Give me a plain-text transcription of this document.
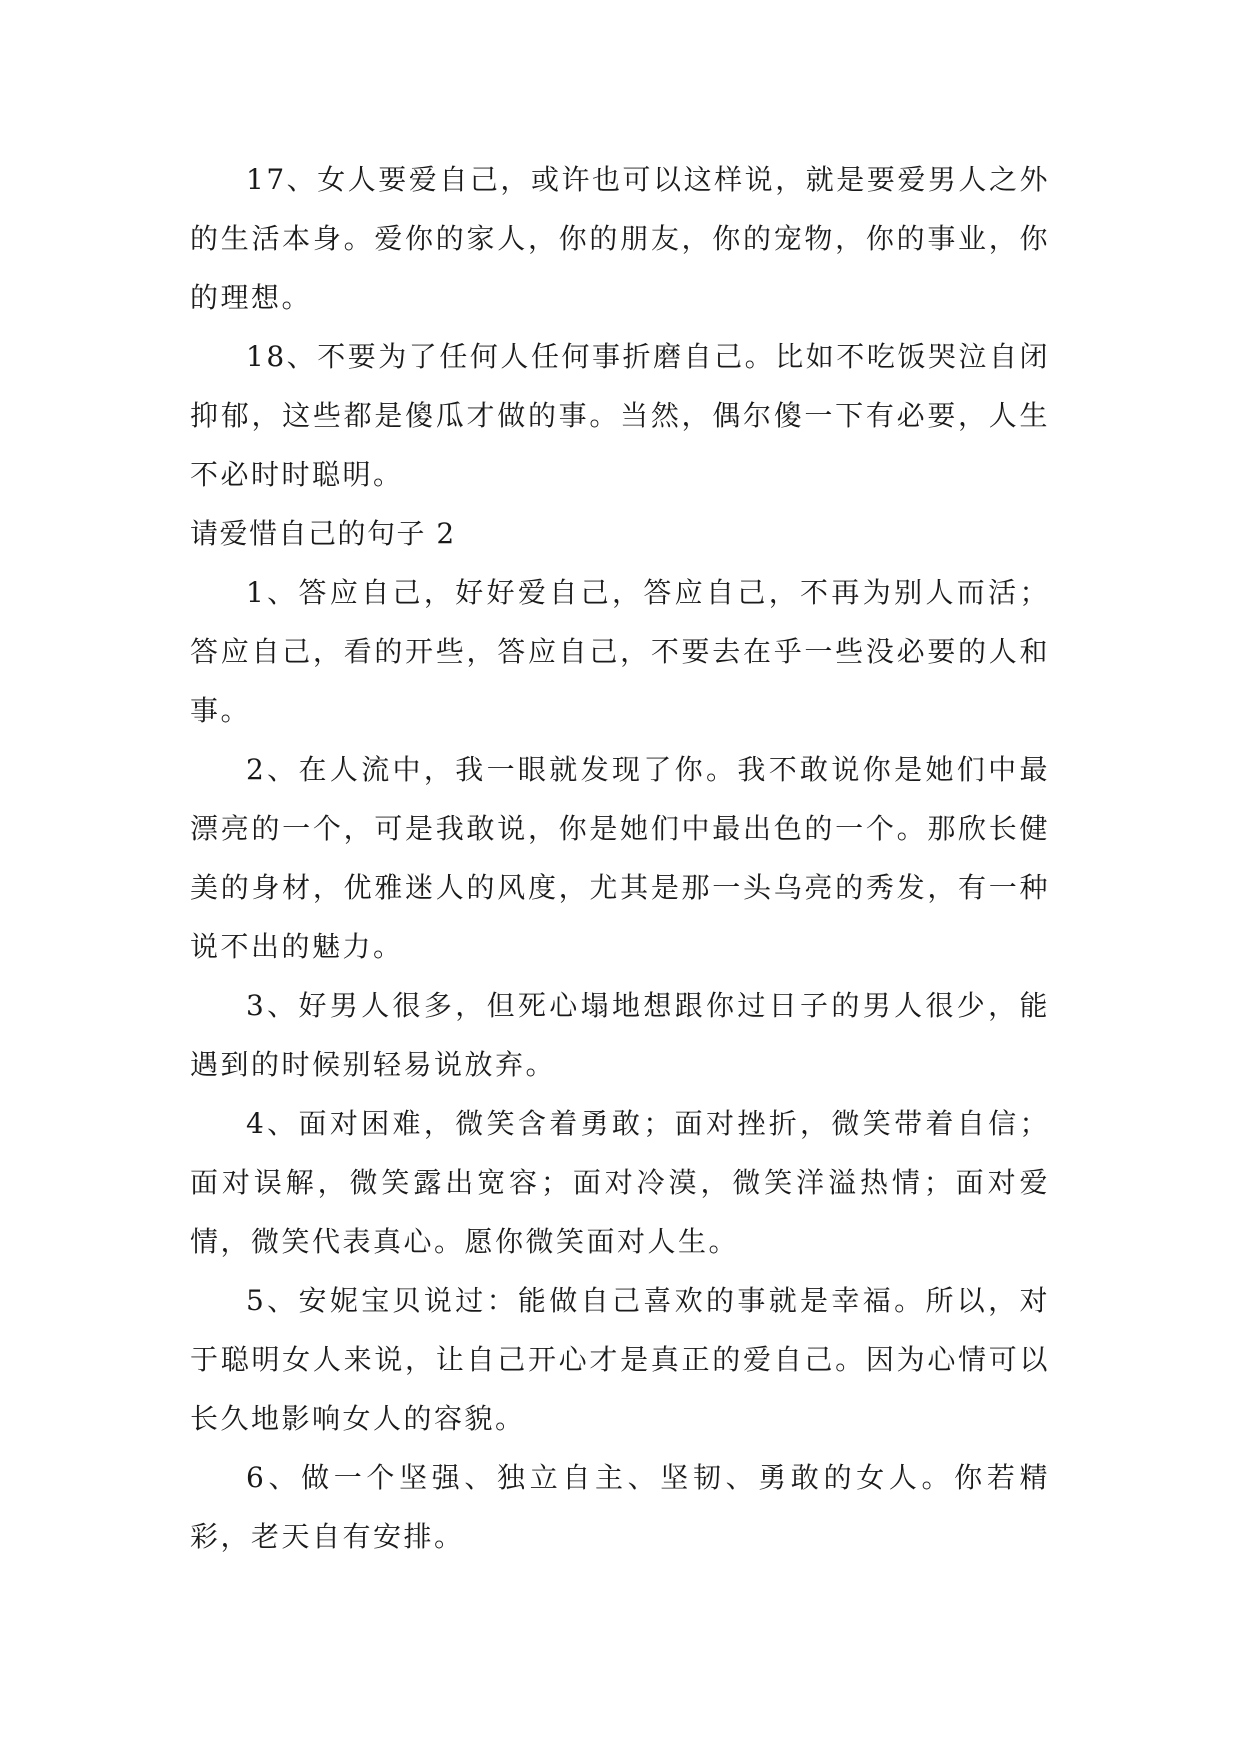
17、女人要爱自己，或许也可以这样说，就是要爱男人之外的生活本身。爱你的家人，你的朋友，你的宠物，你的事业，你的理想。

18、不要为了任何人任何事折磨自己。比如不吃饭哭泣自闭抑郁，这些都是傻瓜才做的事。当然，偶尔傻一下有必要，人生不必时时聪明。

请爱惜自己的句子 2

1、答应自己，好好爱自己，答应自己，不再为别人而活；答应自己，看的开些，答应自己，不要去在乎一些没必要的人和事。

2、在人流中，我一眼就发现了你。我不敢说你是她们中最漂亮的一个，可是我敢说，你是她们中最出色的一个。那欣长健美的身材，优雅迷人的风度，尤其是那一头乌亮的秀发，有一种说不出的魅力。

3、好男人很多，但死心塌地想跟你过日子的男人很少，能遇到的时候别轻易说放弃。

4、面对困难，微笑含着勇敢；面对挫折，微笑带着自信；面对误解，微笑露出宽容；面对冷漠，微笑洋溢热情；面对爱情，微笑代表真心。愿你微笑面对人生。

5、安妮宝贝说过：能做自己喜欢的事就是幸福。所以，对于聪明女人来说，让自己开心才是真正的爱自己。因为心情可以长久地影响女人的容貌。

6、做一个坚强、独立自主、坚韧、勇敢的女人。你若精彩，老天自有安排。
